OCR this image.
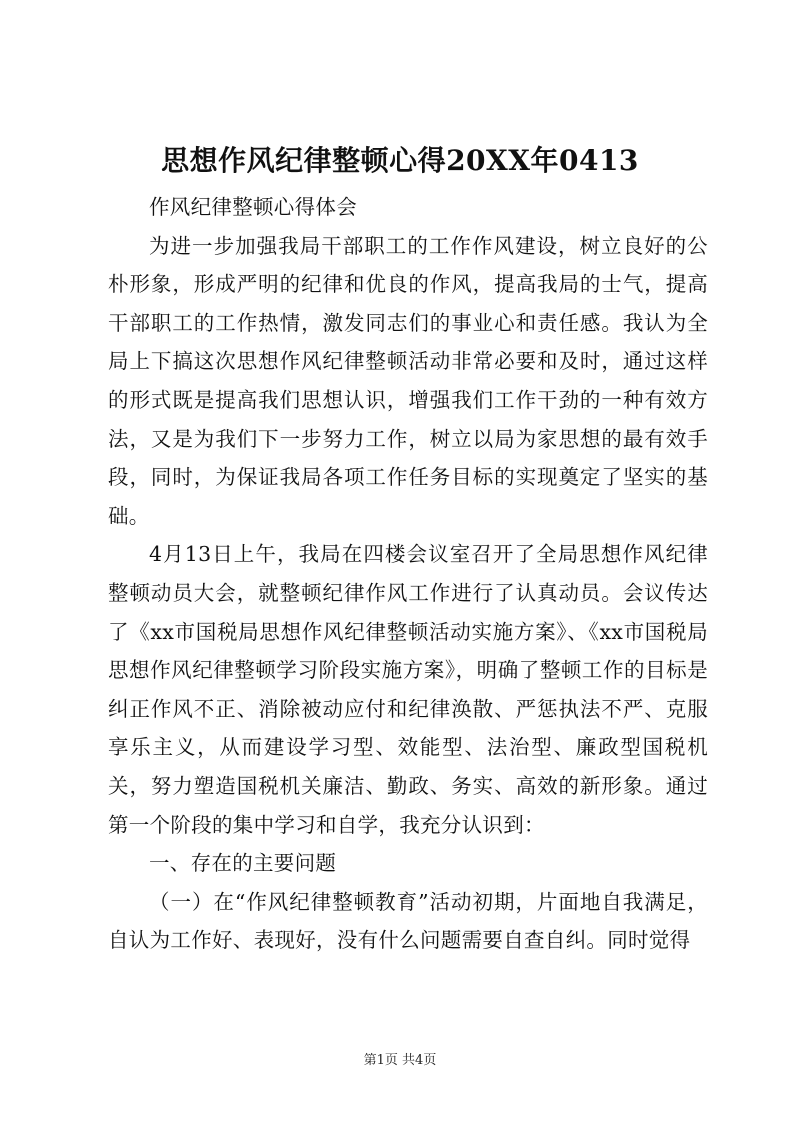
思想作风纪律整顿心得20XX年0413

作风纪律整顿心得体会

为进一步加强我局干部职工的工作作风建设，树立良好的公朴形象，形成严明的纪律和优良的作风，提高我局的士气，提高干部职工的工作热情，激发同志们的事业心和责任感。我认为全局上下搞这次思想作风纪律整顿活动非常必要和及时，通过这样的形式既是提高我们思想认识，增强我们工作干劲的一种有效方法，又是为我们下一步努力工作，树立以局为家思想的最有效手段，同时，为保证我局各项工作任务目标的实现奠定了坚实的基础。

4月13日上午，我局在四楼会议室召开了全局思想作风纪律整顿动员大会，就整顿纪律作风工作进行了认真动员。会议传达了《xx市国税局思想作风纪律整顿活动实施方案》、《xx市国税局思想作风纪律整顿学习阶段实施方案》，明确了整顿工作的目标是纠正作风不正、消除被动应付和纪律涣散、严惩执法不严、克服享乐主义，从而建设学习型、效能型、法治型、廉政型国税机关，努力塑造国税机关廉洁、勤政、务实、高效的新形象。通过第一个阶段的集中学习和自学，我充分认识到：

一、存在的主要问题

（一）在“作风纪律整顿教育”活动初期，片面地自我满足，自认为工作好、表现好，没有什么问题需要自查自纠。同时觉得

第1页 共4页
